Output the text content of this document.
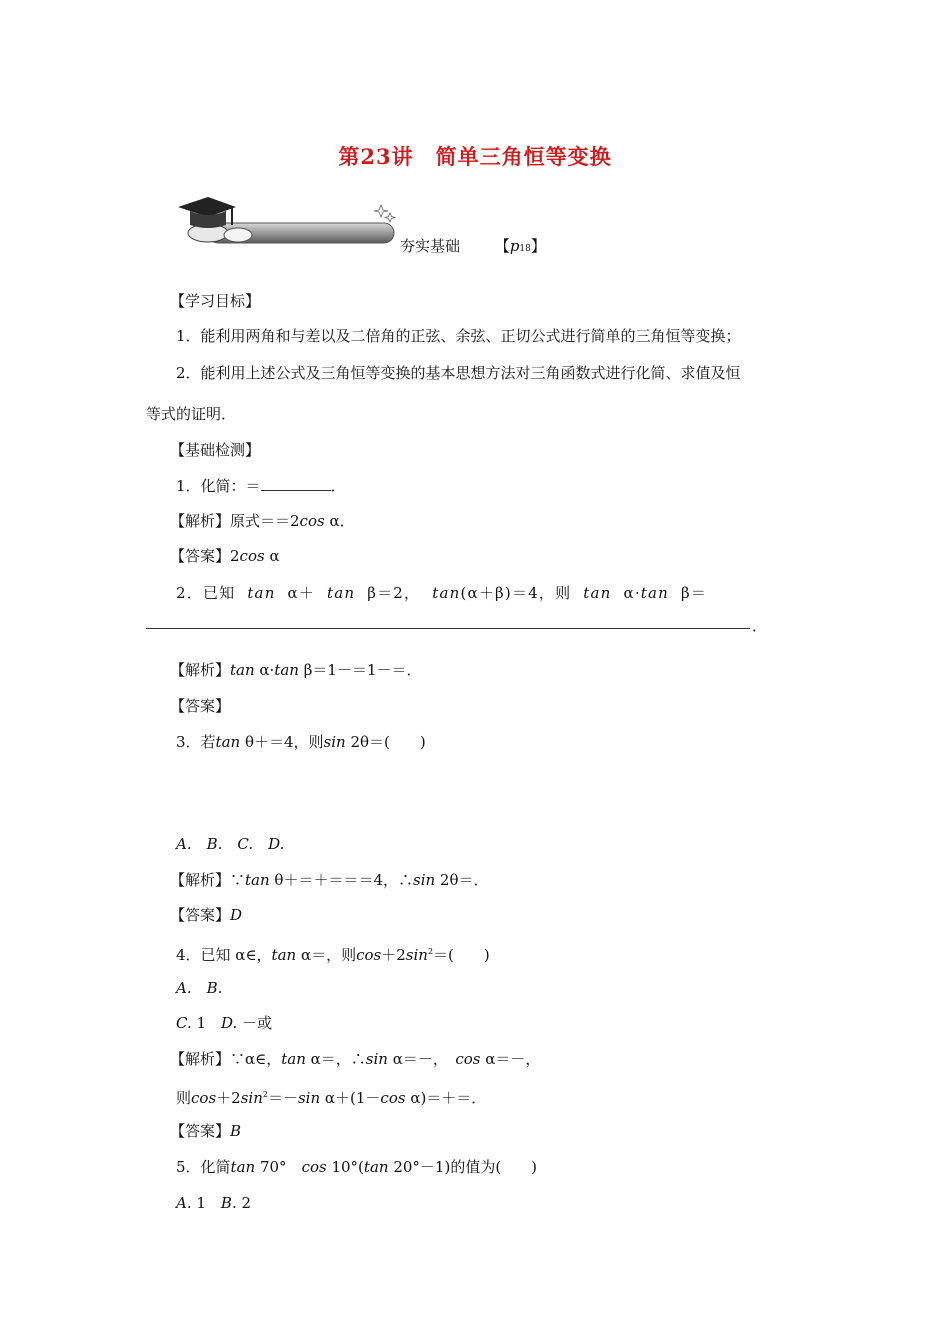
第23讲　简单三角恒等变换
夯实基础 【p18】
【学习目标】
1．能利用两角和与差以及二倍角的正弦、余弦、正切公式进行简单的三角恒等变换；
2．能利用上述公式及三角恒等变换的基本思想方法对三角函数式进行化简、求值及恒
等式的证明．
【基础检测】
1．化简：＝	．
【解析】原式＝＝2cos α．
【答案】2cos α
2．已知 tan α＋ tan β＝2， tan(α＋β)＝4，则 tan α·tan β＝
．
【解析】tan α·tan β＝1－＝1－＝．
【答案】
3．若tan θ＋＝4，则sin 2θ＝(　　)
A.　B.　C.　D.
【解析】∵tan θ＋＝＋＝＝＝4，∴sin 2θ＝．
【答案】D
4．已知 α∈，tan α＝，则$\cos+2\sin^2=$(　　)
A.　B.
C. 1　D. －或
【解析】∵α∈，tan α＝，∴sin α＝－，　cos α＝－，
则$\cos+2\sin^2=-\sin$ α＋(1－cos α)＝＋＝．
【答案】B
5．化简tan 70°　 cos 10°(tan 20°－1)的值为(　　)
A. 1　B. 2
